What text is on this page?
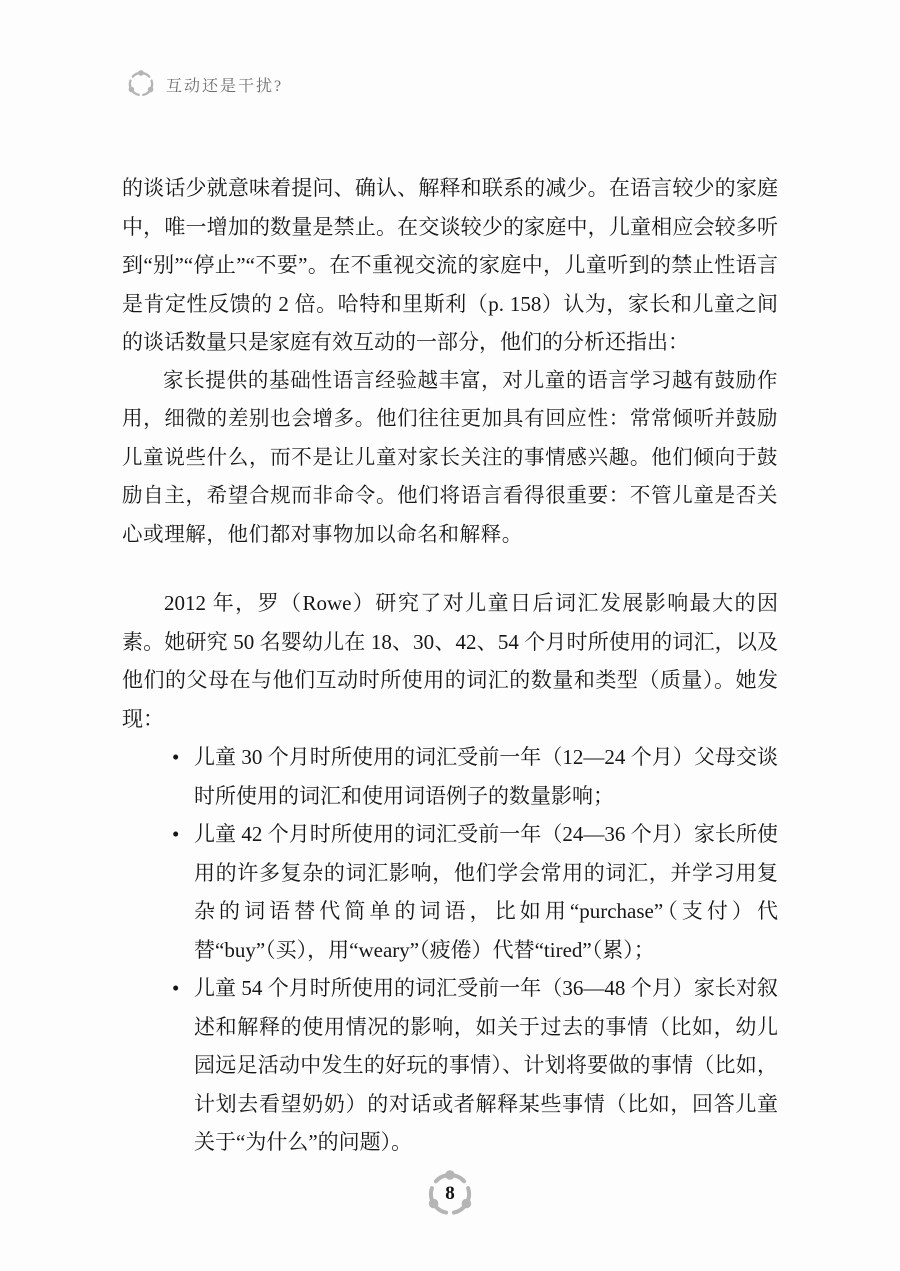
互动还是干扰?

的谈话少就意味着提问、确认、解释和联系的减少。在语言较少的家庭中，唯一增加的数量是禁止。在交谈较少的家庭中，儿童相应会较多听到“别”“停止”“不要”。在不重视交流的家庭中，儿童听到的禁止性语言是肯定性反馈的 2 倍。哈特和里斯利（p. 158）认为，家长和儿童之间的谈话数量只是家庭有效互动的一部分，他们的分析还指出：

家长提供的基础性语言经验越丰富，对儿童的语言学习越有鼓励作用，细微的差别也会增多。他们往往更加具有回应性：常常倾听并鼓励儿童说些什么，而不是让儿童对家长关注的事情感兴趣。他们倾向于鼓励自主，希望合规而非命令。他们将语言看得很重要：不管儿童是否关心或理解，他们都对事物加以命名和解释。

2012 年，罗（Rowe）研究了对儿童日后词汇发展影响最大的因素。她研究 50 名婴幼儿在 18、30、42、54 个月时所使用的词汇，以及他们的父母在与他们互动时所使用的词汇的数量和类型（质量）。她发现：

• 儿童 30 个月时所使用的词汇受前一年（12—24 个月）父母交谈时所使用的词汇和使用词语例子的数量影响；
• 儿童 42 个月时所使用的词汇受前一年（24—36 个月）家长所使用的许多复杂的词汇影响，他们学会常用的词汇，并学习用复杂的词语替代简单的词语，比如用“purchase”（支付）代替“buy”（买），用“weary”（疲倦）代替“tired”（累）；
• 儿童 54 个月时所使用的词汇受前一年（36—48 个月）家长对叙述和解释的使用情况的影响，如关于过去的事情（比如，幼儿园远足活动中发生的好玩的事情）、计划将要做的事情（比如，计划去看望奶奶）的对话或者解释某些事情（比如，回答儿童关于“为什么”的问题）。
8
